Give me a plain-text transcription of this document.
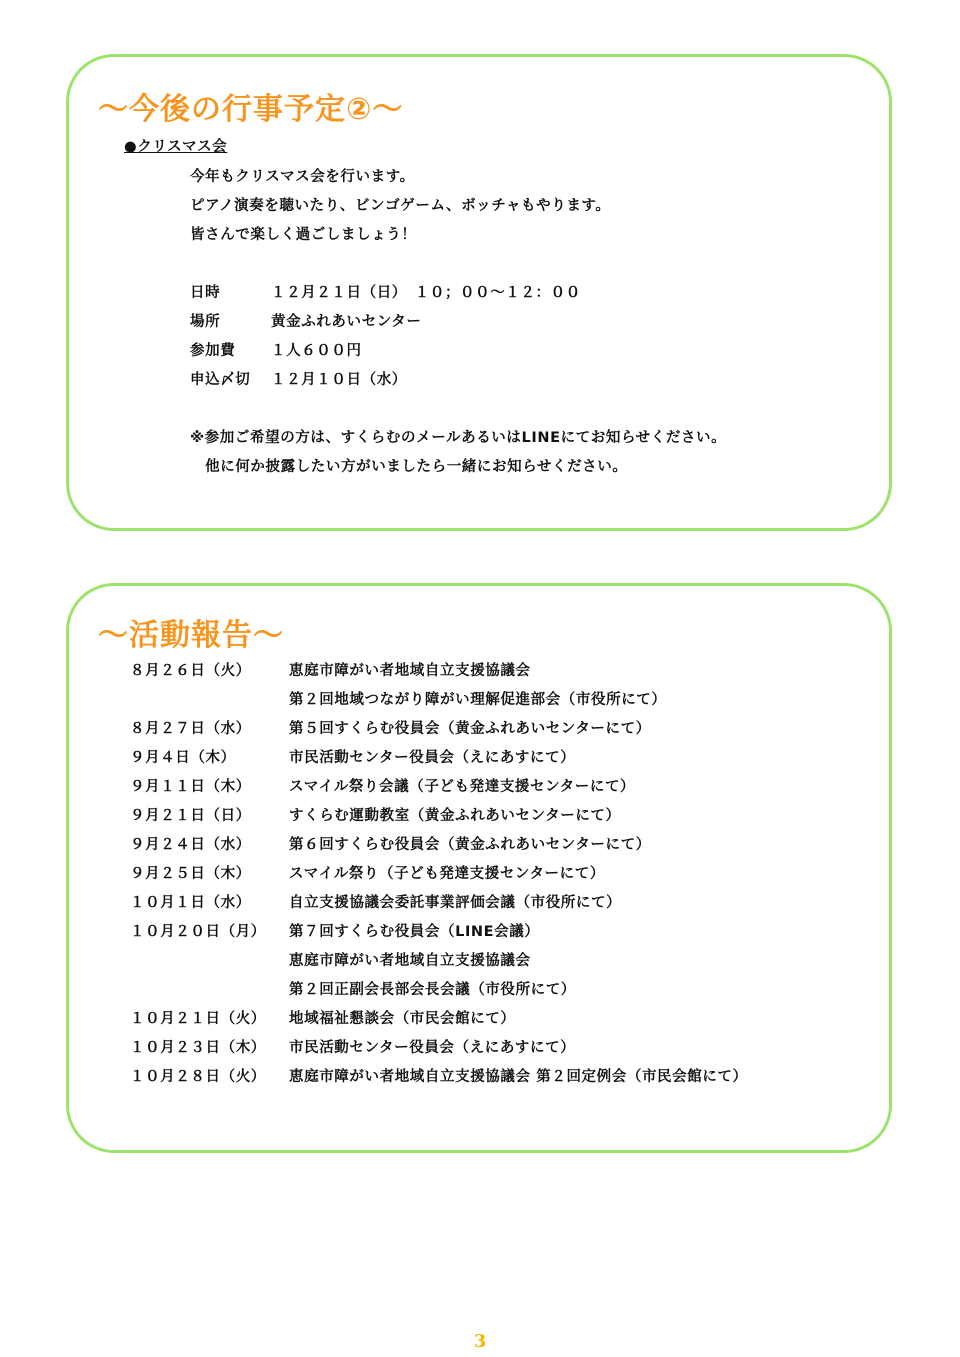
～今後の行事予定②～
●クリスマス会
今年もクリスマス会を行います。
ピアノ演奏を聴いたり、ビンゴゲーム、ボッチャもやります。
皆さんで楽しく過ごしましょう！
日時	１２月２１日（日）　１０；００～１２：００
場所	黄金ふれあいセンター
参加費 １人６００円
申込〆切 １２月１０日（水）
※参加ご希望の方は、すくらむのメールあるいはLINEにてお知らせください。
　他に何か披露したい方がいましたら一緒にお知らせください。
～活動報告～
８月２６日（火）	恵庭市障がい者地域自立支援協議会
第２回地域つながり障がい理解促進部会（市役所にて）
８月２７日（水）	第５回すくらむ役員会（黄金ふれあいセンターにて）
９月４日（木）	市民活動センター役員会（えにあすにて）
９月１１日（木）	スマイル祭り会議（子ども発達支援センターにて）
９月２１日（日）	すくらむ運動教室（黄金ふれあいセンターにて）
９月２４日（水）	第６回すくらむ役員会（黄金ふれあいセンターにて）
９月２５日（木）	スマイル祭り（子ども発達支援センターにて）
１０月１日（水）	自立支援協議会委託事業評価会議（市役所にて）
１０月２０日（月） 第７回すくらむ役員会（LINE会議）
恵庭市障がい者地域自立支援協議会
第２回正副会長部会長会議（市役所にて）
１０月２１日（火） 地域福祉懇談会（市民会館にて）
１０月２３日（木） 市民活動センター役員会（えにあすにて）
１０月２８日（火） 恵庭市障がい者地域自立支援協議会 第２回定例会（市民会館にて）
3
